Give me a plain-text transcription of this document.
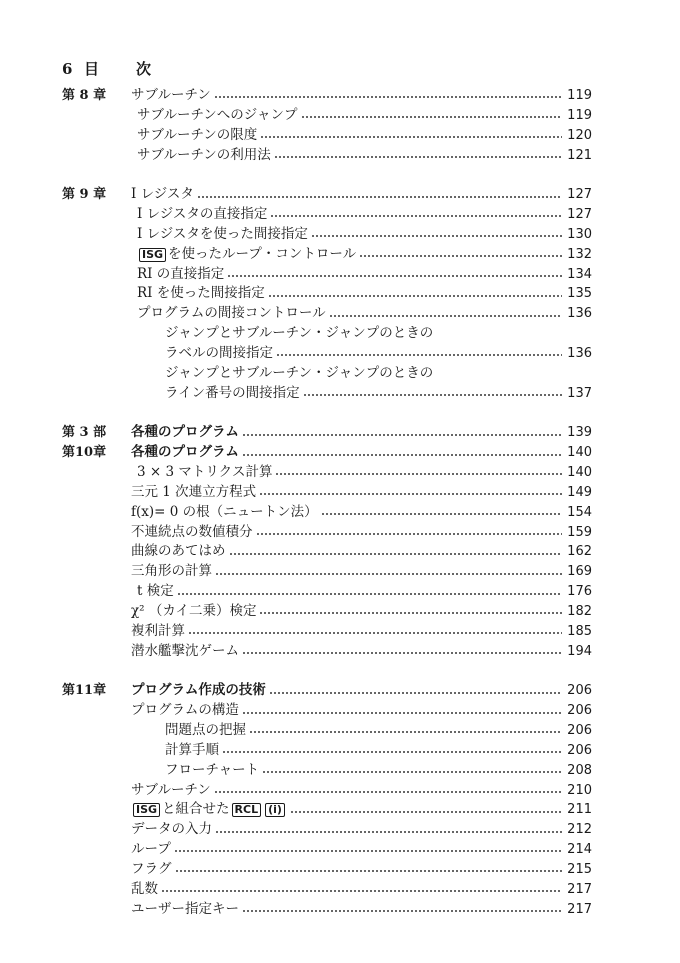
6 目 次
第 8 章 サブルーチン	119
サブルーチンへのジャンプ	119
サブルーチンの限度	120
サブルーチンの利用法	121
第 9 章 I レジスタ	127
I レジスタの直接指定	127
I レジスタを使った間接指定	130
ISG を使ったループ・コントロール	132
RI の直接指定	134
RI を使った間接指定	135
プログラムの間接コントロール	136
ジャンプとサブルーチン・ジャンプのときの
ラベルの間接指定	136
ジャンプとサブルーチン・ジャンプのときの
ライン番号の間接指定	137
第 3 部 各種のプログラム	139
第10章 各種のプログラム	140
3 × 3 マトリクス計算	140
三元 1 次連立方程式	149
f(x)= 0 の根（ニュートン法）	154
不連続点の数値積分	159
曲線のあてはめ	162
三角形の計算	169
t 検定	176
χ² （カイ二乗）検定	182
複利計算	185
潜水艦撃沈ゲーム	194
第11章 プログラム作成の技術	206
プログラムの構造	206
問題点の把握	206
計算手順	206
フローチャート	208
サブルーチン	210
ISG と組合せた RCL (i)	211
データの入力	212
ループ	214
フラグ	215
乱数	217
ユーザー指定キー	217
